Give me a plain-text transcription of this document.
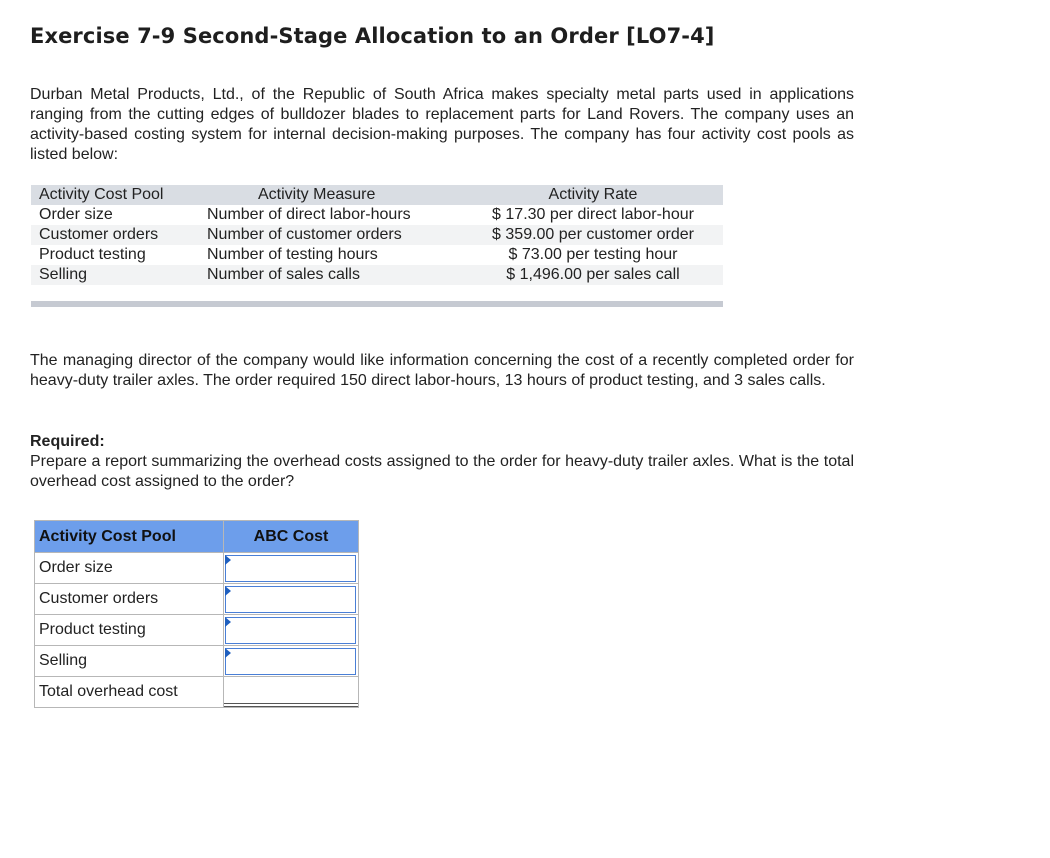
Exercise 7-9 Second-Stage Allocation to an Order [LO7-4]
Durban Metal Products, Ltd., of the Republic of South Africa makes specialty metal parts used in applications ranging from the cutting edges of bulldozer blades to replacement parts for Land Rovers. The company uses an activity-based costing system for internal decision-making purposes. The company has four activity cost pools as listed below:
Activity Cost Pool	Activity Measure	Activity Rate
Order size	Number of direct labor-hours	$ 17.30 per direct labor-hour
Customer orders	Number of customer orders	$ 359.00 per customer order
Product testing	Number of testing hours	$ 73.00 per testing hour
Selling	Number of sales calls	$ 1,496.00 per sales call
The managing director of the company would like information concerning the cost of a recently completed order for heavy-duty trailer axles. The order required 150 direct labor-hours, 13 hours of product testing, and 3 sales calls.
Required:
Prepare a report summarizing the overhead costs assigned to the order for heavy-duty trailer axles. What is the total overhead cost assigned to the order?
Activity Cost Pool	ABC Cost
Order size	

Customer orders	

Product testing	

Selling	

Total overhead cost	
